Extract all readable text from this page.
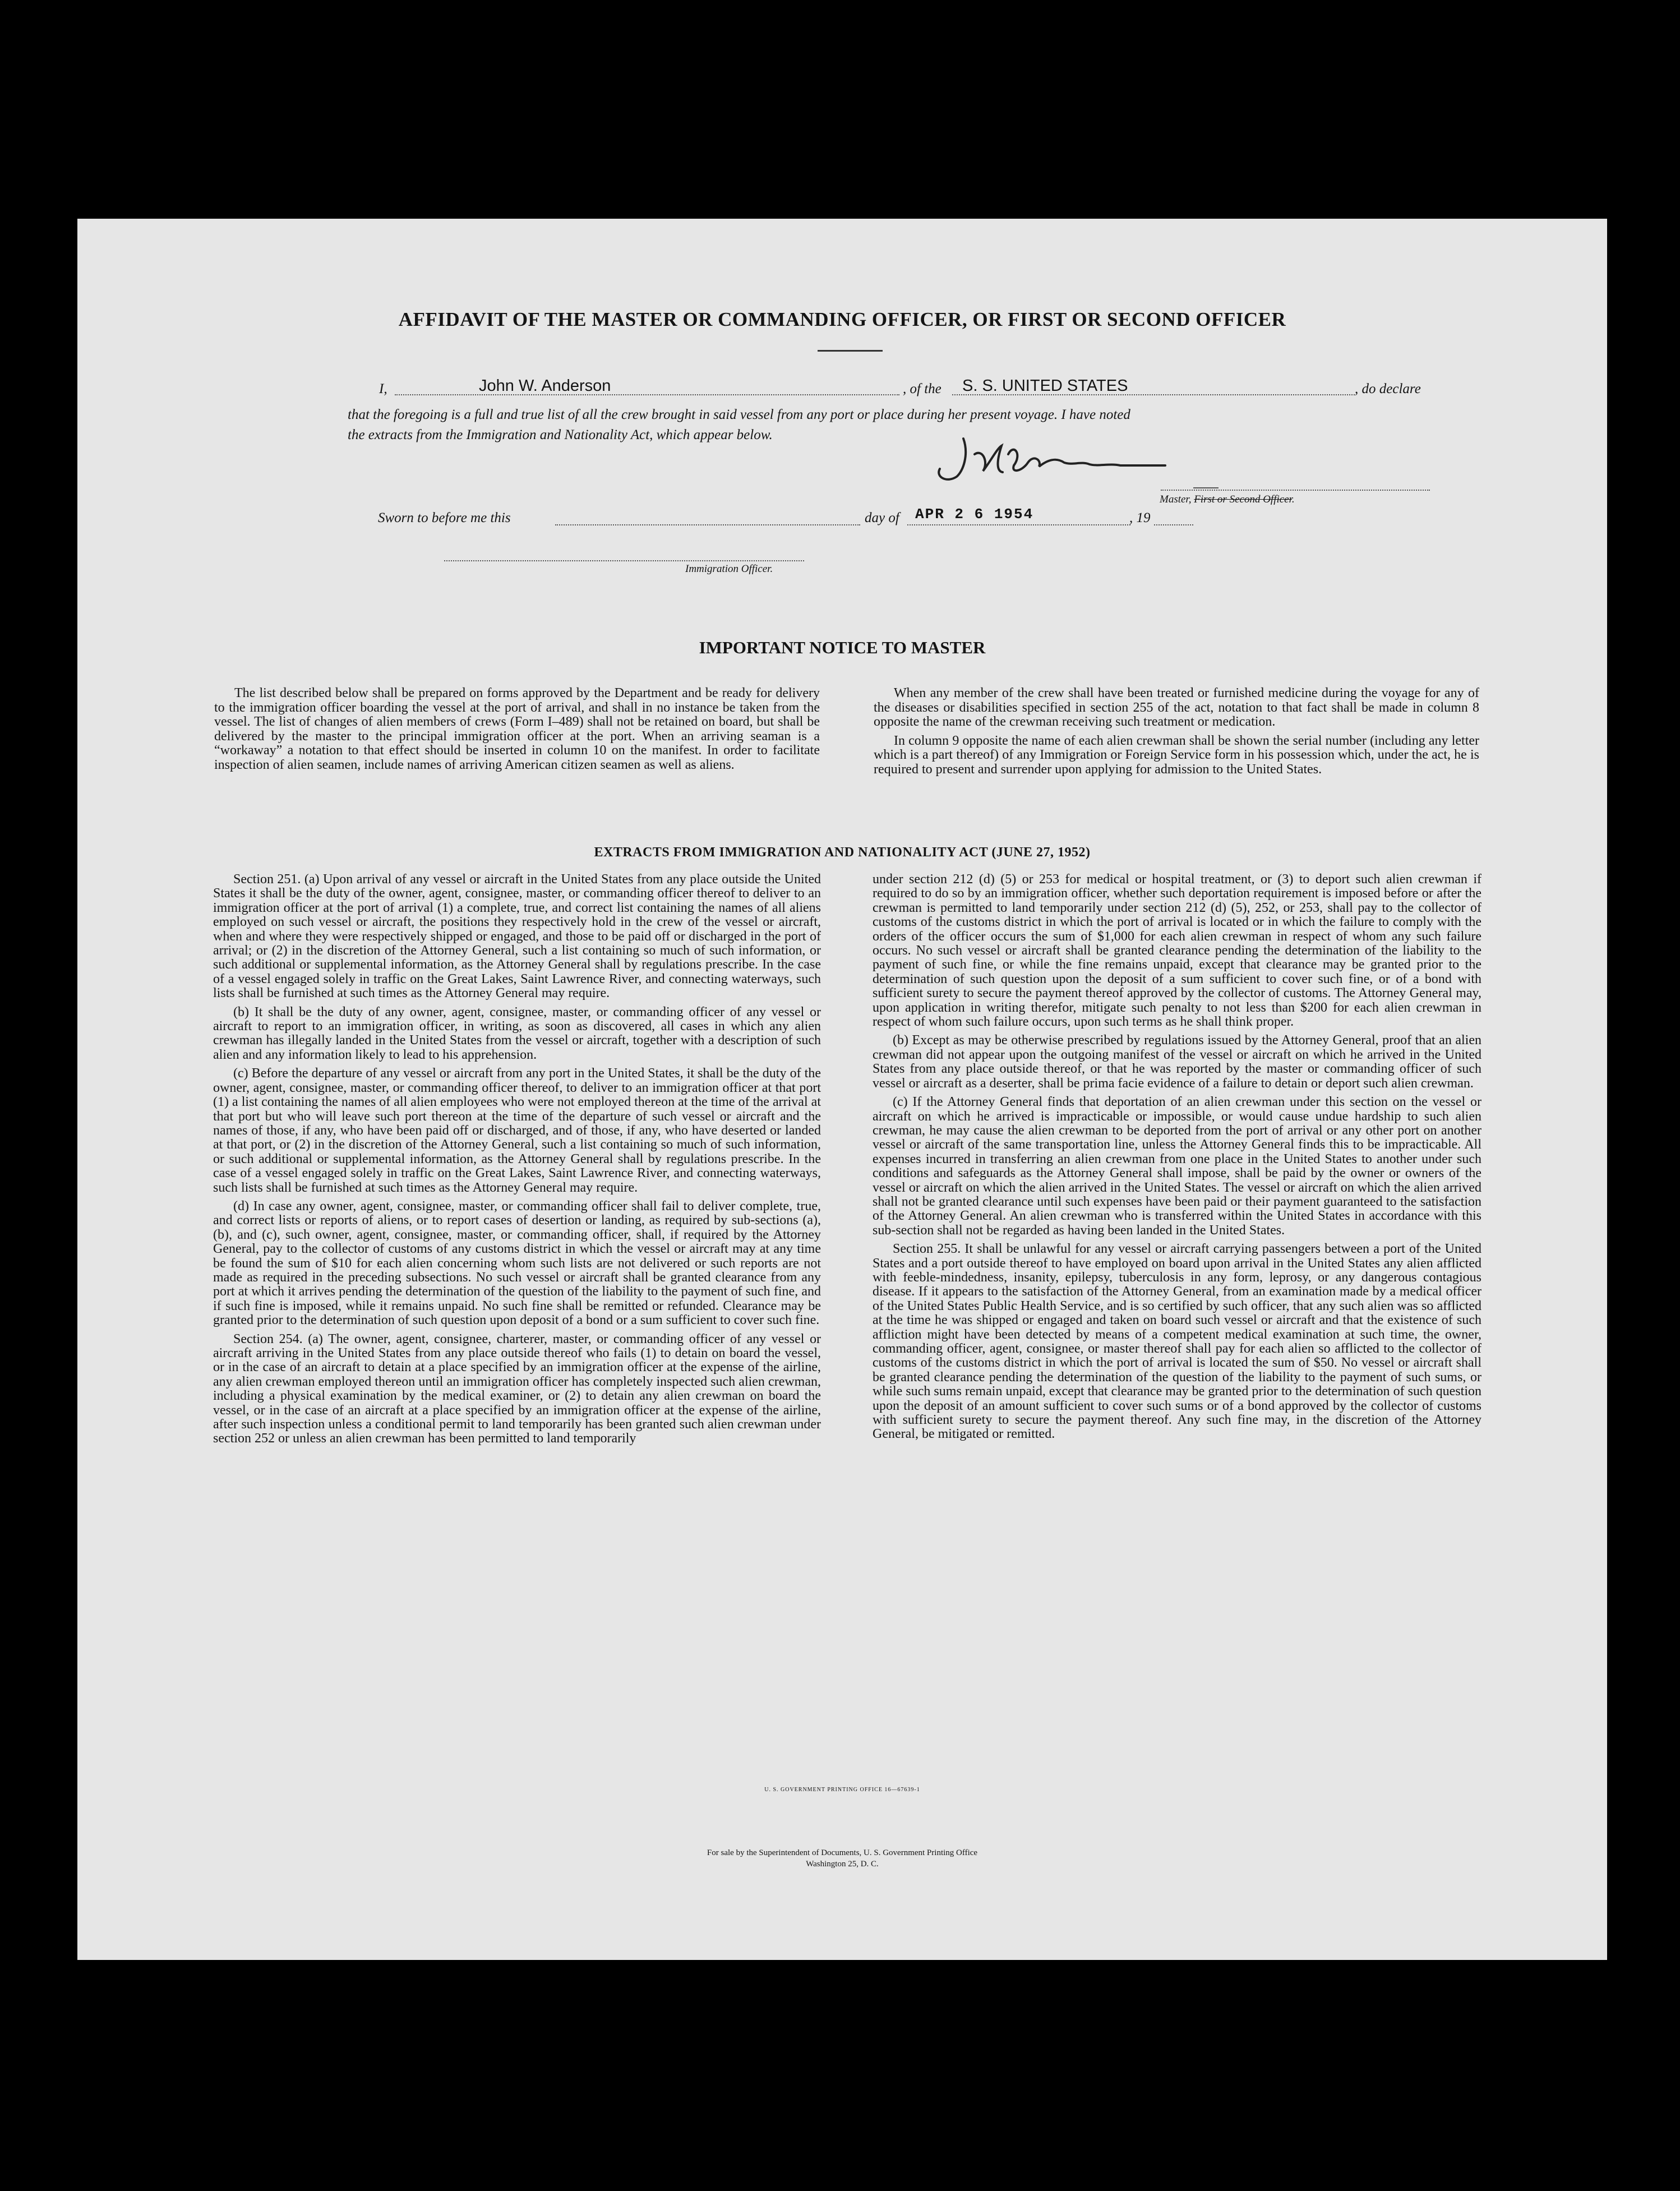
AFFIDAVIT OF THE MASTER OR COMMANDING OFFICER, OR FIRST OR SECOND OFFICER
I,	John W. Anderson	, of the S. S. UNITED STATES	, do declare
that the foregoing is a full and true list of all the crew brought in said vessel from any port or place during her present voyage. I have noted
the extracts from the Immigration and Nationality Act, which appear below.
Master, First or Second Officer.
Sworn to before me this	day of APR 2 6 1954	, 19
Immigration Officer.
IMPORTANT NOTICE TO MASTER

The list described below shall be prepared on forms approved by the Department and be ready for delivery to the immigration officer boarding the vessel at the port of arrival, and shall in no instance be taken from the vessel. The list of changes of alien members of crews (Form I–489) shall not be retained on board, but shall be delivered by the master to the principal immigration officer at the port. When an arriving seaman is a “workaway” a notation to that effect should be inserted in column 10 on the manifest. In order to facilitate inspection of alien seamen, include names of arriving American citizen seamen as well as aliens.

When any member of the crew shall have been treated or furnished medicine during the voyage for any of the diseases or disabilities specified in section 255 of the act, notation to that fact shall be made in column 8 opposite the name of the crewman receiving such treatment or medication.

In column 9 opposite the name of each alien crewman shall be shown the serial number (including any letter which is a part thereof) of any Immigration or Foreign Service form in his possession which, under the act, he is required to present and surrender upon applying for admission to the United States.

EXTRACTS FROM IMMIGRATION AND NATIONALITY ACT (JUNE 27, 1952)

Section 251. (a) Upon arrival of any vessel or aircraft in the United States from any place outside the United States it shall be the duty of the owner, agent, consignee, master, or commanding officer thereof to deliver to an immigration officer at the port of arrival (1) a complete, true, and correct list containing the names of all aliens employed on such vessel or aircraft, the positions they respectively hold in the crew of the vessel or aircraft, when and where they were respectively shipped or engaged, and those to be paid off or discharged in the port of arrival; or (2) in the discretion of the Attorney General, such a list containing so much of such information, or such additional or supplemental information, as the Attorney General shall by regulations prescribe. In the case of a vessel engaged solely in traffic on the Great Lakes, Saint Lawrence River, and connecting waterways, such lists shall be furnished at such times as the Attorney General may require.

(b) It shall be the duty of any owner, agent, consignee, master, or commanding officer of any vessel or aircraft to report to an immigration officer, in writing, as soon as discovered, all cases in which any alien crewman has illegally landed in the United States from the vessel or aircraft, together with a description of such alien and any information likely to lead to his apprehension.

(c) Before the departure of any vessel or aircraft from any port in the United States, it shall be the duty of the owner, agent, consignee, master, or commanding officer thereof, to deliver to an immigration officer at that port (1) a list containing the names of all alien employees who were not employed thereon at the time of the arrival at that port but who will leave such port thereon at the time of the departure of such vessel or aircraft and the names of those, if any, who have been paid off or discharged, and of those, if any, who have deserted or landed at that port, or (2) in the discretion of the Attorney General, such a list containing so much of such information, or such additional or supplemental information, as the Attorney General shall by regulations prescribe. In the case of a vessel engaged solely in traffic on the Great Lakes, Saint Lawrence River, and connecting waterways, such lists shall be furnished at such times as the Attorney General may require.

(d) In case any owner, agent, consignee, master, or commanding officer shall fail to deliver complete, true, and correct lists or reports of aliens, or to report cases of desertion or landing, as required by sub-sections (a), (b), and (c), such owner, agent, consignee, master, or commanding officer, shall, if required by the Attorney General, pay to the collector of customs of any customs district in which the vessel or aircraft may at any time be found the sum of $10 for each alien concerning whom such lists are not delivered or such reports are not made as required in the preceding subsections. No such vessel or aircraft shall be granted clearance from any port at which it arrives pending the determination of the question of the liability to the payment of such fine, and if such fine is imposed, while it remains unpaid. No such fine shall be remitted or refunded. Clearance may be granted prior to the determination of such question upon deposit of a bond or a sum sufficient to cover such fine.

Section 254. (a) The owner, agent, consignee, charterer, master, or commanding officer of any vessel or aircraft arriving in the United States from any place outside thereof who fails (1) to detain on board the vessel, or in the case of an aircraft to detain at a place specified by an immigration officer at the expense of the airline, any alien crewman employed thereon until an immigration officer has completely inspected such alien crewman, including a physical examination by the medical examiner, or (2) to detain any alien crewman on board the vessel, or in the case of an aircraft at a place specified by an immigration officer at the expense of the airline, after such inspection unless a conditional permit to land temporarily has been granted such alien crewman under section 252 or unless an alien crewman has been permitted to land temporarily

under section 212 (d) (5) or 253 for medical or hospital treatment, or (3) to deport such alien crewman if required to do so by an immigration officer, whether such deportation requirement is imposed before or after the crewman is permitted to land temporarily under section 212 (d) (5), 252, or 253, shall pay to the collector of customs of the customs district in which the port of arrival is located or in which the failure to comply with the orders of the officer occurs the sum of $1,000 for each alien crewman in respect of whom any such failure occurs. No such vessel or aircraft shall be granted clearance pending the determination of the liability to the payment of such fine, or while the fine remains unpaid, except that clearance may be granted prior to the determination of such question upon the deposit of a sum sufficient to cover such fine, or of a bond with sufficient surety to secure the payment thereof approved by the collector of customs. The Attorney General may, upon application in writing therefor, mitigate such penalty to not less than $200 for each alien crewman in respect of whom such failure occurs, upon such terms as he shall think proper.

(b) Except as may be otherwise prescribed by regulations issued by the Attorney General, proof that an alien crewman did not appear upon the outgoing manifest of the vessel or aircraft on which he arrived in the United States from any place outside thereof, or that he was reported by the master or commanding officer of such vessel or aircraft as a deserter, shall be prima facie evidence of a failure to detain or deport such alien crewman.

(c) If the Attorney General finds that deportation of an alien crewman under this section on the vessel or aircraft on which he arrived is impracticable or impossible, or would cause undue hardship to such alien crewman, he may cause the alien crewman to be deported from the port of arrival or any other port on another vessel or aircraft of the same transportation line, unless the Attorney General finds this to be impracticable. All expenses incurred in transferring an alien crewman from one place in the United States to another under such conditions and safeguards as the Attorney General shall impose, shall be paid by the owner or owners of the vessel or aircraft on which the alien arrived in the United States. The vessel or aircraft on which the alien arrived shall not be granted clearance until such expenses have been paid or their payment guaranteed to the satisfaction of the Attorney General. An alien crewman who is transferred within the United States in accordance with this sub-section shall not be regarded as having been landed in the United States.

Section 255. It shall be unlawful for any vessel or aircraft carrying passengers between a port of the United States and a port outside thereof to have employed on board upon arrival in the United States any alien afflicted with feeble-mindedness, insanity, epilepsy, tuberculosis in any form, leprosy, or any dangerous contagious disease. If it appears to the satisfaction of the Attorney General, from an examination made by a medical officer of the United States Public Health Service, and is so certified by such officer, that any such alien was so afflicted at the time he was shipped or engaged and taken on board such vessel or aircraft and that the existence of such affliction might have been detected by means of a competent medical examination at such time, the owner, commanding officer, agent, consignee, or master thereof shall pay for each alien so afflicted to the collector of customs of the customs district in which the port of arrival is located the sum of $50. No vessel or aircraft shall be granted clearance pending the determination of the question of the liability to the payment of such sums, or while such sums remain unpaid, except that clearance may be granted prior to the determination of such question upon the deposit of an amount sufficient to cover such sums or of a bond approved by the collector of customs with sufficient surety to secure the payment thereof. Any such fine may, in the discretion of the Attorney General, be mitigated or remitted.

U. S. GOVERNMENT PRINTING OFFICE 16—67639-1
For sale by the Superintendent of Documents, U. S. Government Printing Office
Washington 25, D. C.
